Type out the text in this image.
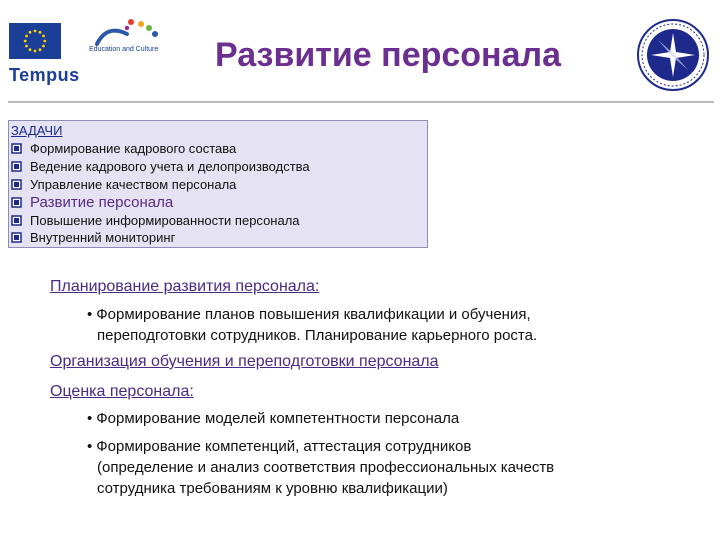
Education and Culture
Tempus
Развитие персонала
ЗАДАЧИ
Формирование кадрового состава
Ведение кадрового учета и делопроизводства
Управление качеством персонала
Развитие персонала
Повышение информированности персонала
Внутренний мониторинг
Планирование развития персонала:
• Формирование планов повышения квалификации и обучения,
переподготовки сотрудников. Планирование карьерного роста.
Организация обучения и переподготовки персонала
Оценка персонала:
• Формирование моделей компетентности персонала
• Формирование компетенций, аттестация сотрудников
(определение и анализ соответствия профессиональных качеств
сотрудника требованиям к уровню квалификации)
